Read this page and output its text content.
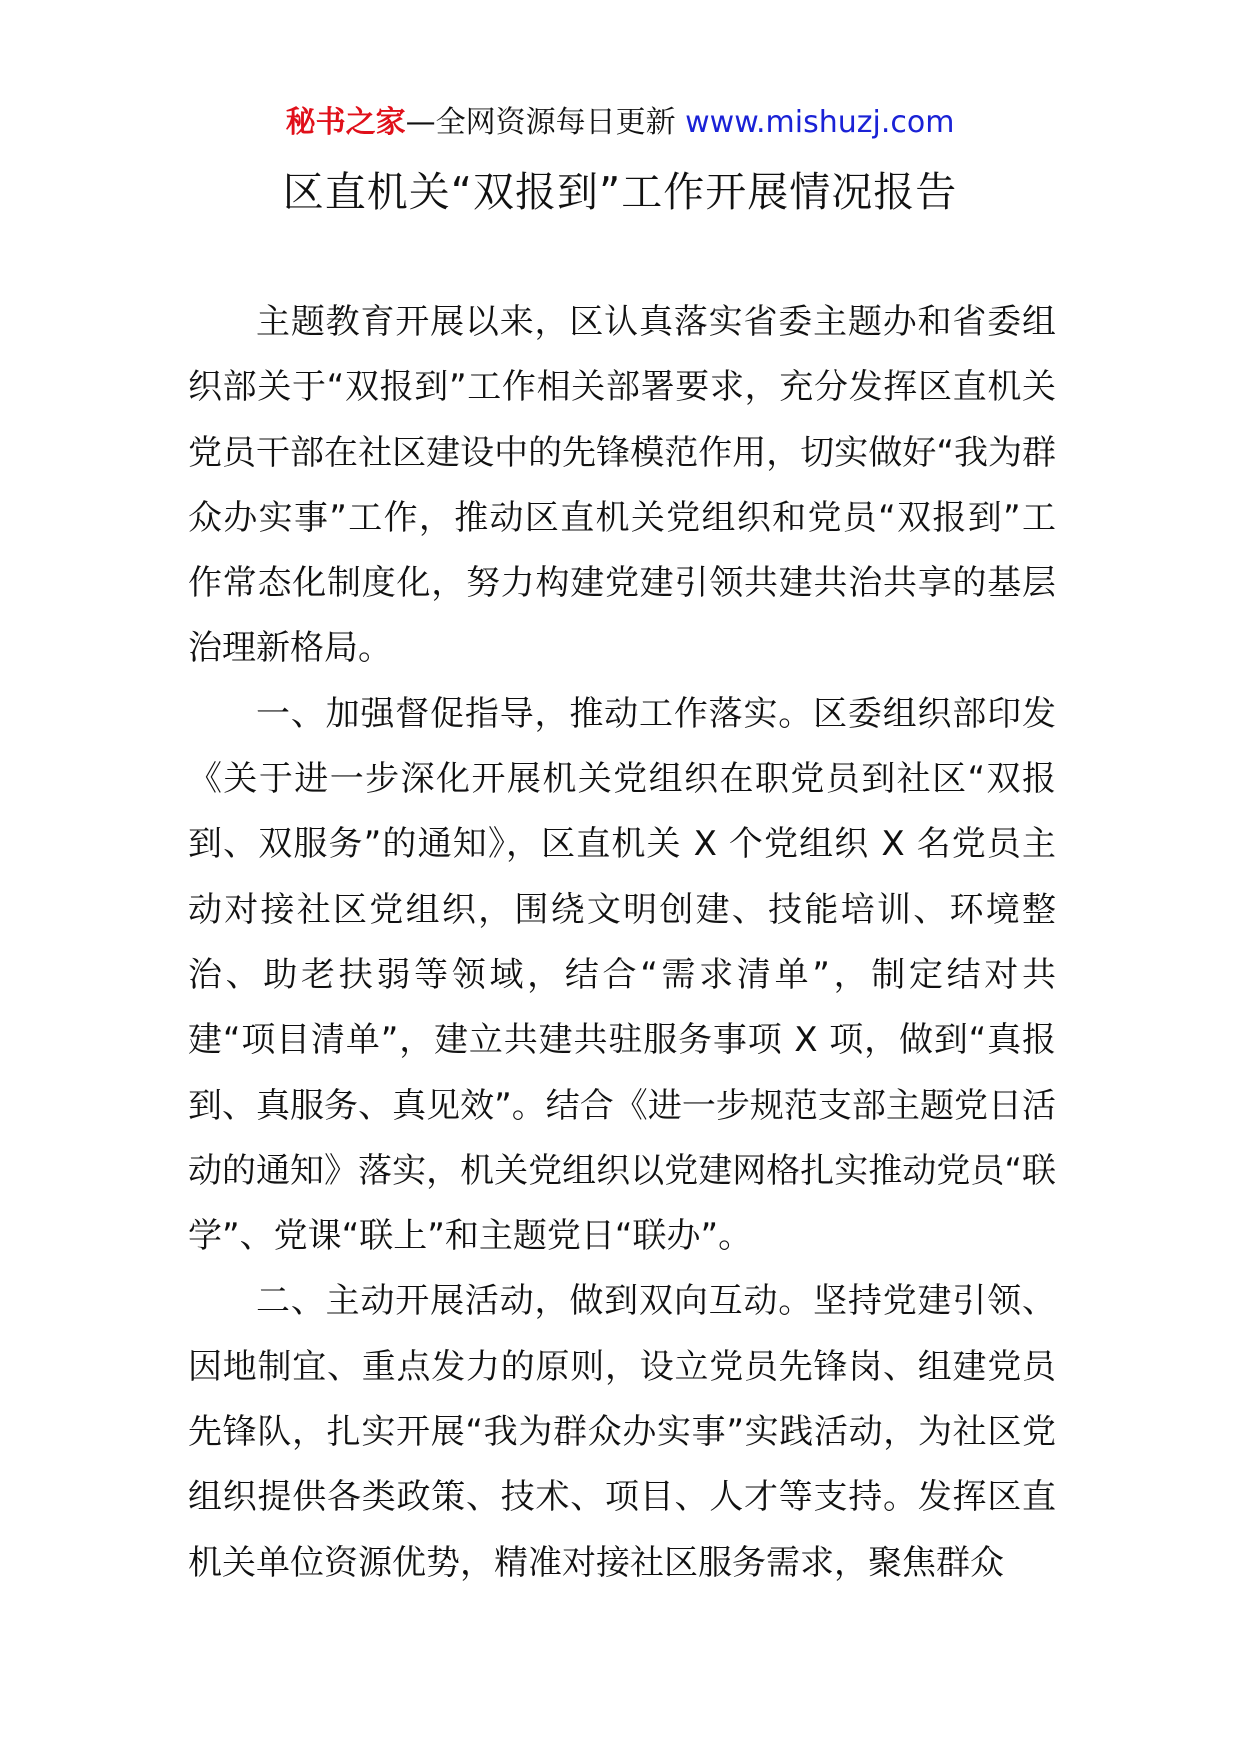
秘书之家—全网资源每日更新 www.mishuzj.com
区直机关“双报到”工作开展情况报告

主题教育开展以来，区认真落实省委主题办和省委组织部关于“双报到”工作相关部署要求，充分发挥区直机关党员干部在社区建设中的先锋模范作用，切实做好“我为群众办实事”工作，推动区直机关党组织和党员“双报到”工作常态化制度化，努力构建党建引领共建共治共享的基层治理新格局。

一、加强督促指导，推动工作落实。区委组织部印发《关于进一步深化开展机关党组织在职党员到社区“双报到、双服务”的通知》，区直机关 X 个党组织 X 名党员主动对接社区党组织，围绕文明创建、技能培训、环境整治、助老扶弱等领域，结合“需求清单”，制定结对共建“项目清单”，建立共建共驻服务事项 X 项，做到“真报到、真服务、真见效”。结合《进一步规范支部主题党日活动的通知》落实，机关党组织以党建网格扎实推动党员“联学”、党课“联上”和主题党日“联办”。

二、主动开展活动，做到双向互动。坚持党建引领、因地制宜、重点发力的原则，设立党员先锋岗、组建党员先锋队，扎实开展“我为群众办实事”实践活动，为社区党组织提供各类政策、技术、项目、人才等支持。发挥区直机关单位资源优势，精准对接社区服务需求，聚焦群众
